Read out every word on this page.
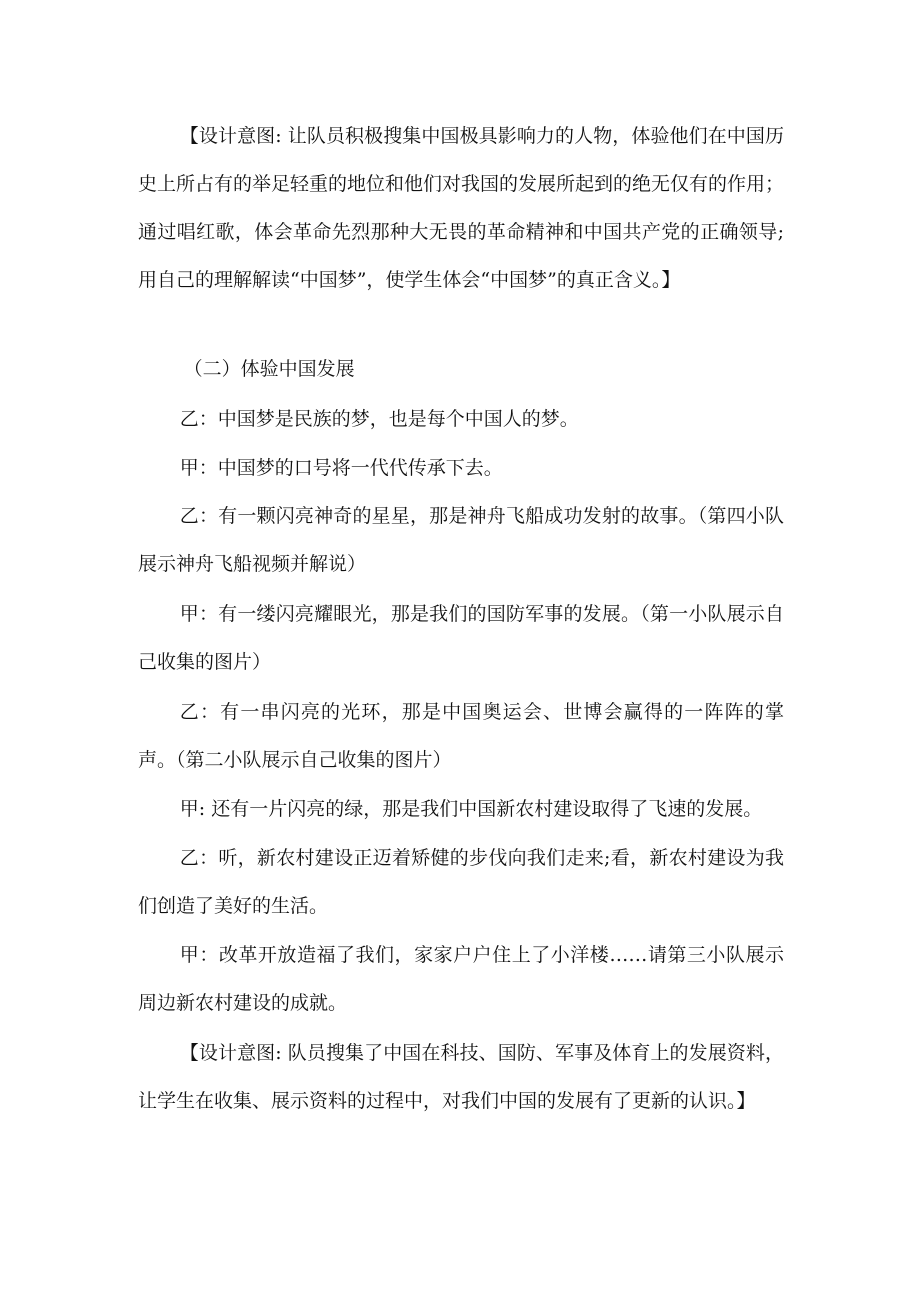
【设计意图: 让队员积极搜集中国极具影响力的人物，体验他们在中国历史上所占有的举足轻重的地位和他们对我国的发展所起到的绝无仅有的作用；通过唱红歌，体会革命先烈那种大无畏的革命精神和中国共产党的正确领导;用自己的理解解读“中国梦”，使学生体会“中国梦”的真正含义。】

（二）体验中国发展

乙：中国梦是民族的梦，也是每个中国人的梦。

甲：中国梦的口号将一代代传承下去。

乙：有一颗闪亮神奇的星星，那是神舟飞船成功发射的故事。（第四小队展示神舟飞船视频并解说）

甲：有一缕闪亮耀眼光，那是我们的国防军事的发展。（第一小队展示自己收集的图片）

乙：有一串闪亮的光环，那是中国奥运会、世博会赢得的一阵阵的掌声。（第二小队展示自己收集的图片）

甲: 还有一片闪亮的绿，那是我们中国新农村建设取得了飞速的发展。

乙：听，新农村建设正迈着矫健的步伐向我们走来;看，新农村建设为我们创造了美好的生活。

甲：改革开放造福了我们，家家户户住上了小洋楼……请第三小队展示周边新农村建设的成就。

【设计意图: 队员搜集了中国在科技、国防、军事及体育上的发展资料，让学生在收集、展示资料的过程中，对我们中国的发展有了更新的认识。】
